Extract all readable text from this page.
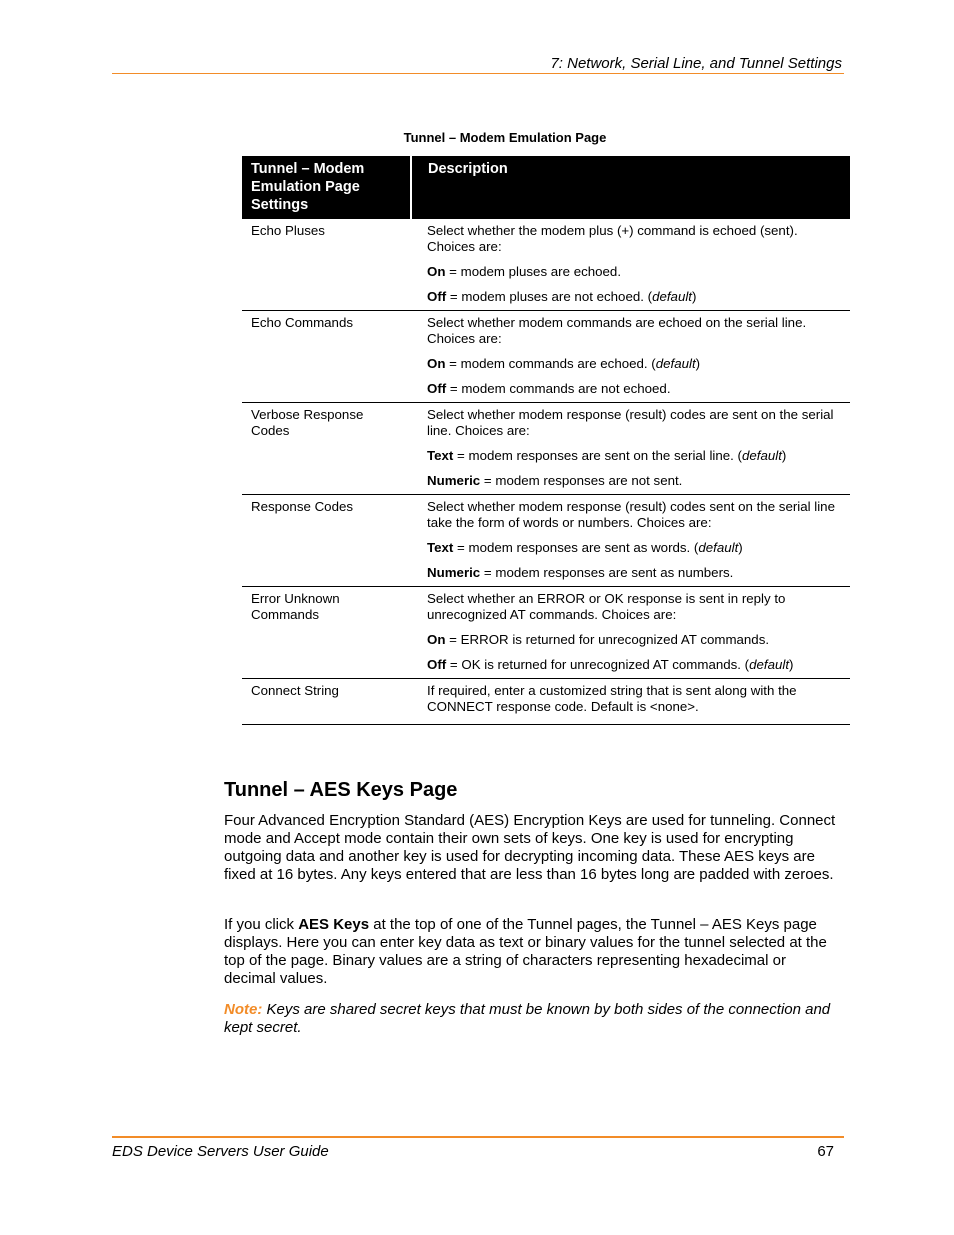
7: Network, Serial Line, and Tunnel Settings
Tunnel – Modem Emulation Page
Tunnel – Modem Emulation Page Settings	Description
Echo Pluses	Select whether the modem plus (+) command is echoed (sent). Choices are:

On = modem pluses are echoed.

Off = modem pluses are not echoed. (default)

Echo Commands	Select whether modem commands are echoed on the serial line. Choices are:

On = modem commands are echoed. (default)

Off = modem commands are not echoed.

Verbose Response Codes	Select whether modem response (result) codes are sent on the serial line. Choices are:

Text = modem responses are sent on the serial line. (default)

Numeric = modem responses are not sent.

Response Codes	Select whether modem response (result) codes sent on the serial line take the form of words or numbers. Choices are:

Text = modem responses are sent as words. (default)

Numeric = modem responses are sent as numbers.

Error Unknown Commands	Select whether an ERROR or OK response is sent in reply to unrecognized AT commands. Choices are:

On = ERROR is returned for unrecognized AT commands.

Off = OK is returned for unrecognized AT commands. (default)

Connect String	If required, enter a customized string that is sent along with the CONNECT response code. Default is <none>.

Tunnel – AES Keys Page

Four Advanced Encryption Standard (AES) Encryption Keys are used for tunneling. Connect mode and Accept mode contain their own sets of keys. One key is used for encrypting outgoing data and another key is used for decrypting incoming data. These AES keys are fixed at 16 bytes. Any keys entered that are less than 16 bytes long are padded with zeroes.

If you click AES Keys at the top of one of the Tunnel pages, the Tunnel – AES Keys page displays. Here you can enter key data as text or binary values for the tunnel selected at the top of the page. Binary values are a string of characters representing hexadecimal or decimal values.

Note: Keys are shared secret keys that must be known by both sides of the connection and kept secret.

EDS Device Servers User Guide	67
